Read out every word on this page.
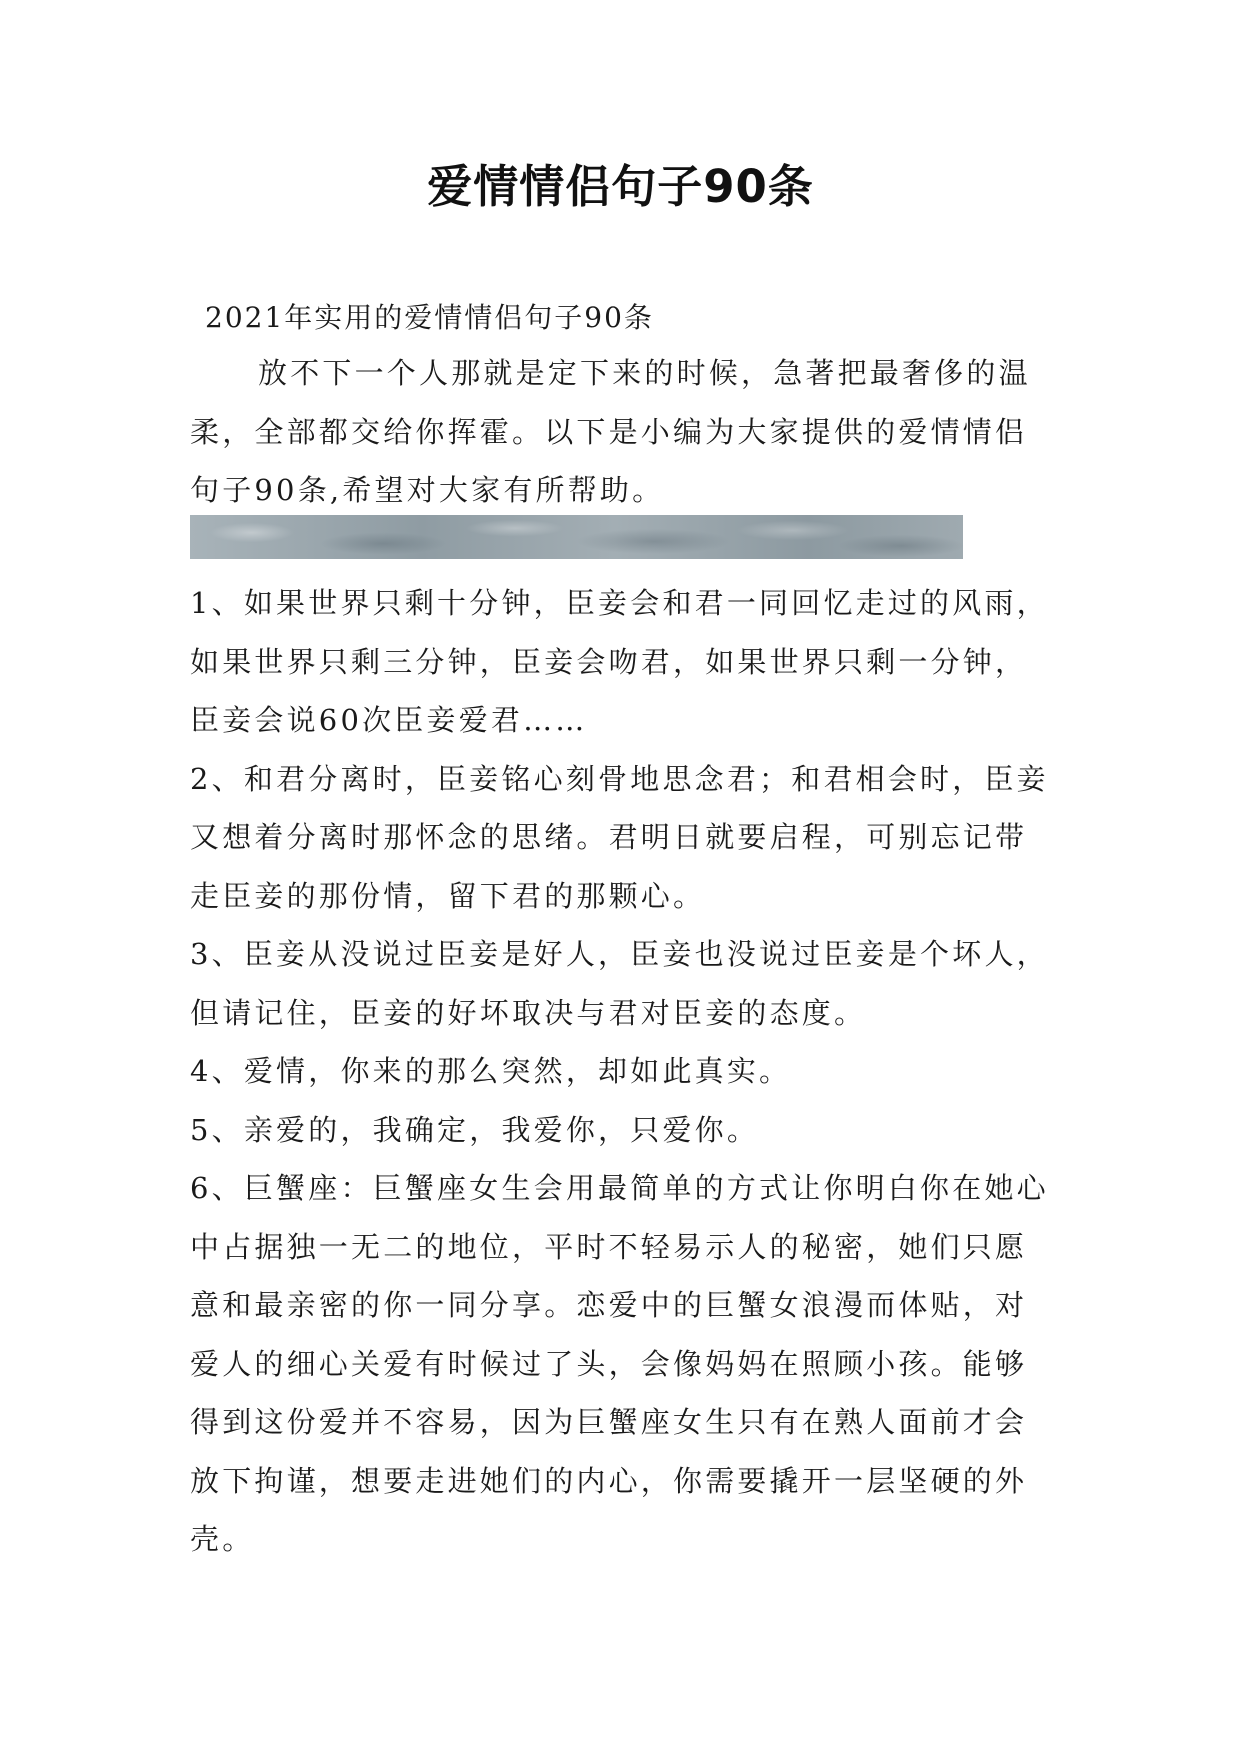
爱情情侣句子90条
2021年实用的爱情情侣句子90条

放不下一个人那就是定下来的时候，急著把最奢侈的温柔，全部都交给你挥霍。以下是小编为大家提供的爱情情侣句子90条,希望对大家有所帮助。

1、如果世界只剩十分钟，臣妾会和君一同回忆走过的风雨，如果世界只剩三分钟，臣妾会吻君，如果世界只剩一分钟，臣妾会说60次臣妾爱君……

2、和君分离时，臣妾铭心刻骨地思念君；和君相会时，臣妾又想着分离时那怀念的思绪。君明日就要启程，可别忘记带走臣妾的那份情，留下君的那颗心。

3、臣妾从没说过臣妾是好人，臣妾也没说过臣妾是个坏人，但请记住，臣妾的好坏取决与君对臣妾的态度。

4、爱情，你来的那么突然，却如此真实。

5、亲爱的，我确定，我爱你，只爱你。

6、巨蟹座：巨蟹座女生会用最简单的方式让你明白你在她心中占据独一无二的地位，平时不轻易示人的秘密，她们只愿意和最亲密的你一同分享。恋爱中的巨蟹女浪漫而体贴，对爱人的细心关爱有时候过了头，会像妈妈在照顾小孩。能够得到这份爱并不容易，因为巨蟹座女生只有在熟人面前才会放下拘谨，想要走进她们的内心，你需要撬开一层坚硬的外壳。
